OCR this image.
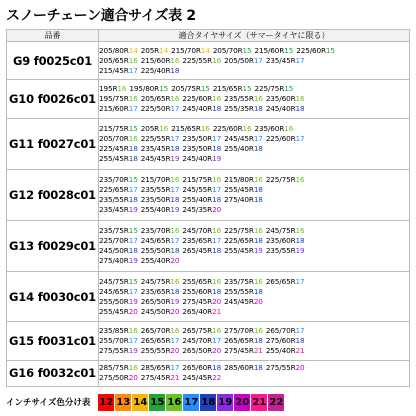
スノーチェーン適合サイズ表 2
品番	適合タイヤサイズ（サマータイヤに限る）
G9 f0025c01	205/80R14 205R14 215/70R14 205/70R15 215/60R15 225/60R15
205/65R16 215/60R16 225/55R16 205/50R17 235/45R17
215/45R17 225/40R18

G10 f0026c01	195R16 195/80R15 205/75R15 215/65R15 225/75R15
195/75R16 205/65R16 225/60R16 235/55R16 235/60R16
215/60R17 225/50R17 245/40R18 255/35R18 245/40R18

G11 f0027c01	215/75R15 205R16 215/65R16 225/60R16 235/60R16
205/70R16 225/55R17 235/50R17 245/45R17 225/60R17
225/45R18 235/45R18 235/50R18 255/40R18
255/45R18 245/45R19 245/40R19

G12 f0028c01	235/70R15 215/70R16 215/75R16 215/80R16 225/75R16
225/65R17 235/55R17 245/55R17 255/45R18
235/55R18 235/50R18 255/40R18 275/40R18
235/45R19 255/40R19 245/35R20

G13 f0029c01	235/75R15 235/70R16 245/70R16 225/75R16 245/75R16
225/70R17 245/65R17 235/65R17 225/65R18 235/60R18
245/50R18 255/50R18 265/45R18 255/45R19 235/55R19
275/40R19 255/40R20

G14 f0030c01	245/75R15 245/75R16 255/65R16 235/75R16 265/65R17
245/65R17 235/65R18 255/60R18 255/55R18
255/50R19 265/50R19 275/45R20 245/45R20
255/45R20 245/50R20 265/40R21

G15 f0031c01	235/85R16 265/70R16 265/75R16 275/70R16 265/70R17
255/70R17 265/65R17 245/70R17 265/65R18 275/60R18
275/55R19 255/55R20 265/50R20 275/45R21 255/40R21

G16 f0032c01	285/75R16 285/65R17 265/60R18 285/60R18 275/55R20
275/50R20 275/45R21 245/45R22
インチサイズ色分け表 12 13 14 15 16 17 18 19 20 21 22
